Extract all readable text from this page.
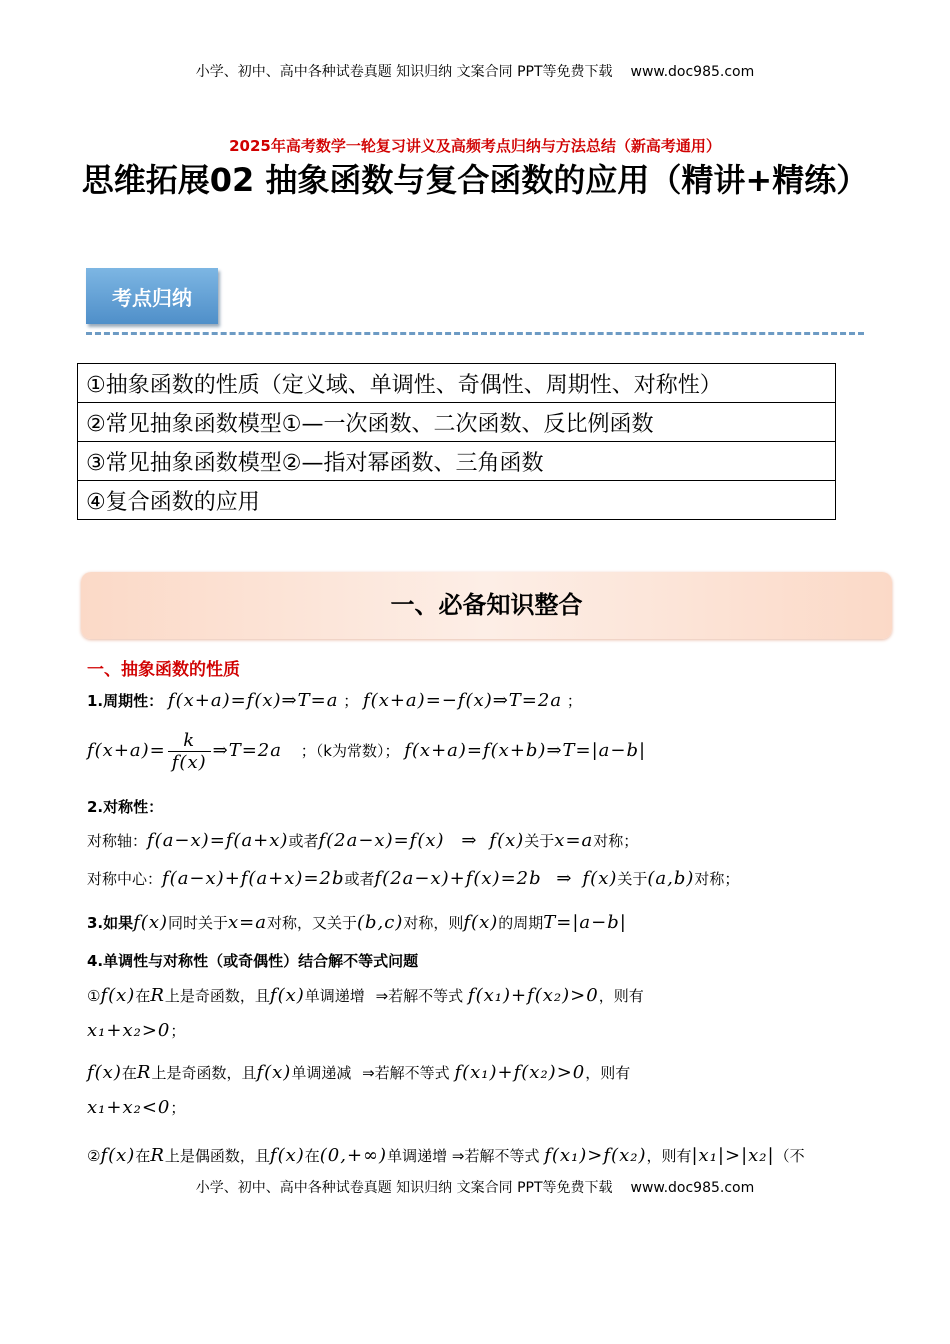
小学、初中、高中各种试卷真题 知识归纳 文案合同 PPT等免费下载 www.doc985.com
2025年高考数学一轮复习讲义及高频考点归纳与方法总结（新高考通用）
思维拓展02 抽象函数与复合函数的应用（精讲+精练）
考点归纳
①抽象函数的性质（定义域、单调性、奇偶性、周期性、对称性）
②常见抽象函数模型①—一次函数、二次函数、反比例函数
③常见抽象函数模型②—指对幂函数、三角函数
④复合函数的应用
一、必备知识整合
一、抽象函数的性质
1.周期性： f(x+a)=f(x)⇒T=a ； f(x+a)=−f(x)⇒T=2a ；
$f(x+a)= \frac{k}{f(x)}$ ⇒T=2a ；（k为常数）； f(x+a)=f(x+b)⇒T=|a−b|
2.对称性：
对称轴：f(a−x)=f(a+x)或者f(2a−x)=f(x) ⇒ f(x)关于x=a对称；
对称中心：f(a−x)+f(a+x)=2b或者f(2a−x)+f(x)=2b ⇒ f(x)关于(a,b)对称；
3.如果f(x)同时关于x=a对称，又关于(b,c)对称，则f(x)的周期T=|a−b|
4.单调性与对称性（或奇偶性）结合解不等式问题
①f(x)在R上是奇函数，且f(x)单调递增 ⇒若解不等式 f(x₁)+f(x₂)>0，则有
x₁+x₂>0；
f(x)在R上是奇函数，且f(x)单调递减 ⇒若解不等式 f(x₁)+f(x₂)>0，则有
x₁+x₂<0；
②f(x)在R上是偶函数，且f(x)在(0,+∞)单调递增 ⇒若解不等式 f(x₁)>f(x₂)，则有|x₁|>|x₂|（不
小学、初中、高中各种试卷真题 知识归纳 文案合同 PPT等免费下载 www.doc985.com
